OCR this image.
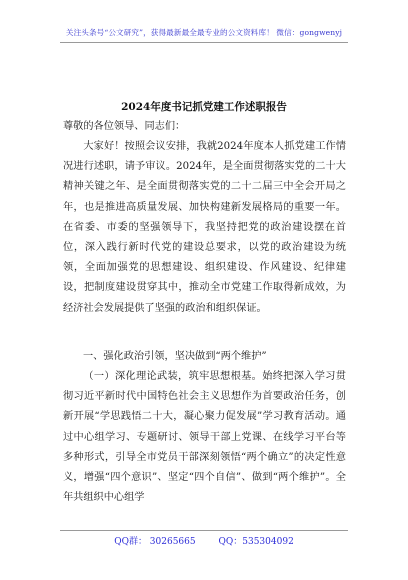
关注头条号“公文研究”，获得最新最全最专业的公文资料库！ 微信：gongwenyj
2024年度书记抓党建工作述职报告
尊敬的各位领导、同志们：
大家好！按照会议安排，我就2024年度本人抓党建工作情况进行述职，请予审议。2024年，是全面贯彻落实党的二十大精神关键之年、是全面贯彻落实党的二十二届三中全会开局之年，也是推进高质量发展、加快构建新发展格局的重要一年。在省委、市委的坚强领导下，我坚持把党的政治建设摆在首位，深入践行新时代党的建设总要求，以党的政治建设为统领，全面加强党的思想建设、组织建设、作风建设、纪律建设，把制度建设贯穿其中，推动全市党建工作取得新成效，为经济社会发展提供了坚强的政治和组织保证。
一、强化政治引领，坚决做到“两个维护”
（一）深化理论武装，筑牢思想根基。始终把深入学习贯彻习近平新时代中国特色社会主义思想作为首要政治任务，创新开展“学思践悟二十大，凝心聚力促发展”学习教育活动。通过中心组学习、专题研讨、领导干部上党课、在线学习平台等多种形式，引导全市党员干部深刻领悟“两个确立”的决定性意义，增强“四个意识”、坚定“四个自信”、做到“两个维护”。全年共组织中心组学
QQ群： 30265665	QQ：535304092
